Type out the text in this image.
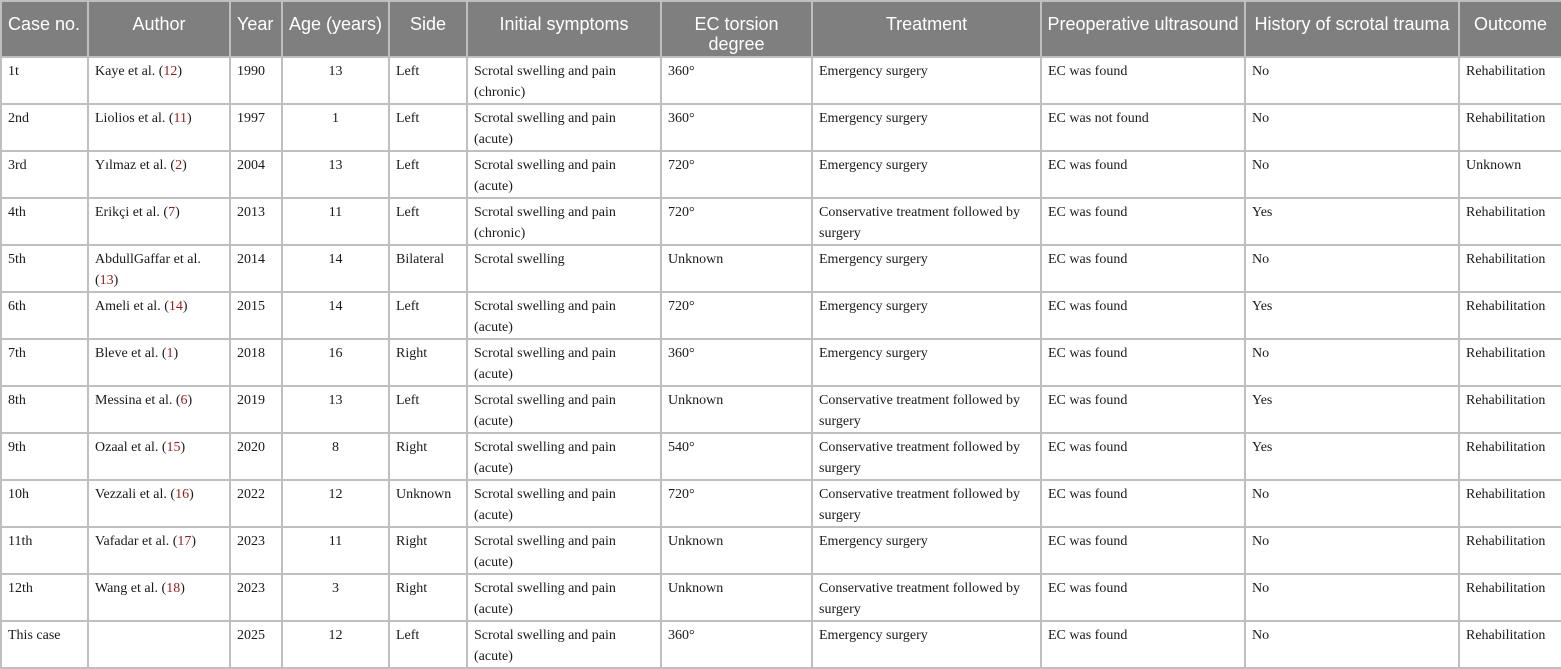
Case no.	Author	Year	Age (years)	Side	Initial symptoms	EC torsion degree	Treatment	Preoperative ultrasound	History of scrotal trauma	Outcome
1t	Kaye et al. (12)	1990	13	Left	Scrotal swelling and pain (chronic)	360°	Emergency surgery	EC was found	No	Rehabilitation
2nd	Liolios et al. (11)	1997	1	Left	Scrotal swelling and pain (acute)	360°	Emergency surgery	EC was not found	No	Rehabilitation
3rd	Yılmaz et al. (2)	2004	13	Left	Scrotal swelling and pain (acute)	720°	Emergency surgery	EC was found	No	Unknown
4th	Erikçi et al. (7)	2013	11	Left	Scrotal swelling and pain (chronic)	720°	Conservative treatment followed by surgery	EC was found	Yes	Rehabilitation
5th	AbdullGaffar et al. (13)	2014	14	Bilateral	Scrotal swelling	Unknown	Emergency surgery	EC was found	No	Rehabilitation
6th	Ameli et al. (14)	2015	14	Left	Scrotal swelling and pain (acute)	720°	Emergency surgery	EC was found	Yes	Rehabilitation
7th	Bleve et al. (1)	2018	16	Right	Scrotal swelling and pain (acute)	360°	Emergency surgery	EC was found	No	Rehabilitation
8th	Messina et al. (6)	2019	13	Left	Scrotal swelling and pain (acute)	Unknown	Conservative treatment followed by surgery	EC was found	Yes	Rehabilitation
9th	Ozaal et al. (15)	2020	8	Right	Scrotal swelling and pain (acute)	540°	Conservative treatment followed by surgery	EC was found	Yes	Rehabilitation
10h	Vezzali et al. (16)	2022	12	Unknown	Scrotal swelling and pain (acute)	720°	Conservative treatment followed by surgery	EC was found	No	Rehabilitation
11th	Vafadar et al. (17)	2023	11	Right	Scrotal swelling and pain (acute)	Unknown	Emergency surgery	EC was found	No	Rehabilitation
12th	Wang et al. (18)	2023	3	Right	Scrotal swelling and pain (acute)	Unknown	Conservative treatment followed by surgery	EC was found	No	Rehabilitation
This case		2025	12	Left	Scrotal swelling and pain (acute)	360°	Emergency surgery	EC was found	No	Rehabilitation
